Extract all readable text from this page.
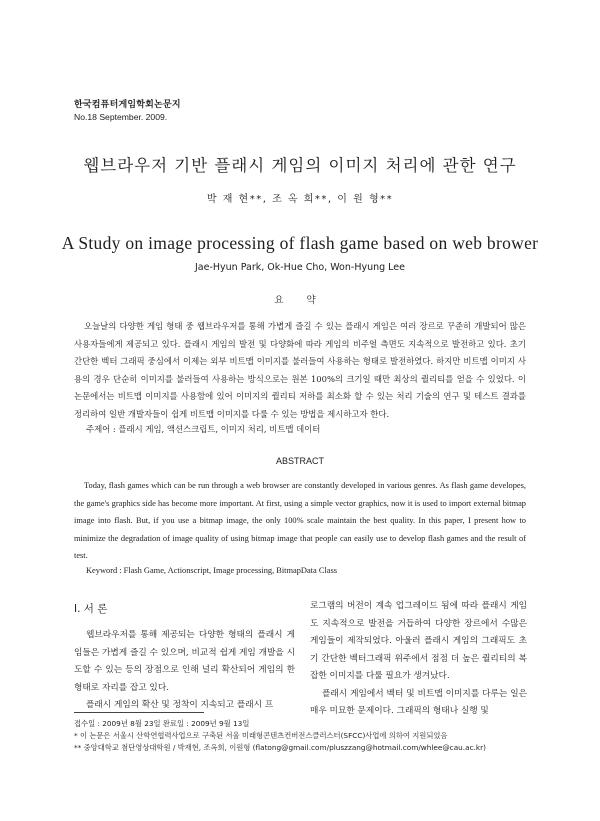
한국컴퓨터게임학회논문지
No.18 September. 2009.
웹브라우저 기반 플래시 게임의 이미지 처리에 관한 연구
박 재 현**, 조 옥 희**, 이 원 형**
A Study on image processing of flash game based on web brower
Jae-Hyun Park, Ok-Hue Cho, Won-Hyung Lee
요 약
오늘날의 다양한 게임 형태 중 웹브라우저를 통해 가볍게 즐길 수 있는 플래시 게임은 여러 장르로 꾸준히 개발되어 많은 사용자들에게 제공되고 있다. 플래시 게임의 발전 및 다양화에 따라 게임의 비주얼 측면도 지속적으로 발전하고 있다. 초기 간단한 벡터 그래픽 중심에서 이제는 외부 비트맵 이미지를 불러들여 사용하는 형태로 발전하였다. 하지만 비트맵 이미지 사용의 경우 단순히 이미지를 불러들여 사용하는 방식으로는 원본 100%의 크기일 때만 최상의 퀄리티를 얻을 수 있었다. 이 논문에서는 비트맵 이미지를 사용함에 있어 이미지의 퀄리티 저하를 최소화 할 수 있는 처리 기술의 연구 및 테스트 결과를 정리하여 일반 개발자들이 쉽게 비트맵 이미지를 다룰 수 있는 방법을 제시하고자 한다.
주제어 : 플래시 게임, 액션스크립트, 이미지 처리, 비트맵 데이터
ABSTRACT
Today, flash games which can be run through a web browser are constantly developed in various genres. As flash game developes, the game's graphics side has become more important. At first, using a simple vector graphics, now it is used to import external bitmap image into flash. But, if you use a bitmap image, the only 100% scale maintain the best quality. In this paper, I present how to minimize the degradation of image quality of using bitmap image that people can easily use to develop flash games and the result of test.
Keyword : Flash Game, Actionscript, Image processing, BitmapData Class
Ⅰ. 서 론

웹브라우저를 통해 제공되는 다양한 형태의 플래시 게임들은 가볍게 즐길 수 있으며, 비교적 쉽게 게임 개발을 시도할 수 있는 등의 장점으로 인해 널리 확산되어 게임의 한 형태로 자리를 잡고 있다.

플래시 게임의 확산 및 정착이 지속되고 플래시 프

로그램의 버전이 계속 업그레이드 됨에 따라 플래시 게임도 지속적으로 발전을 거듭하여 다양한 장르에서 수많은 게임들이 제작되었다. 아울러 플래시 게임의 그래픽도 초기 간단한 벡터그래픽 위주에서 점점 더 높은 퀄리티의 복잡한 이미지를 다룰 필요가 생겨났다.

플래시 게임에서 벡터 및 비트맵 이미지를 다루는 일은 매우 미묘한 문제이다. 그래픽의 형태나 실행 및

접수일 : 2009년 8월 23일 완료일 : 2009년 9월 13일
* 이 논문은 서울시 산학연협력사업으로 구축된 서울 미래형콘텐츠컨버전스클러스터(SFCC)사업에 의하여 지원되었음
** 중앙대학교 첨단영상대학원 / 박재현, 조옥희, 이원형 (flatong@gmail.com/pluszzang@hotmail.com/whlee@cau.ac.kr)
